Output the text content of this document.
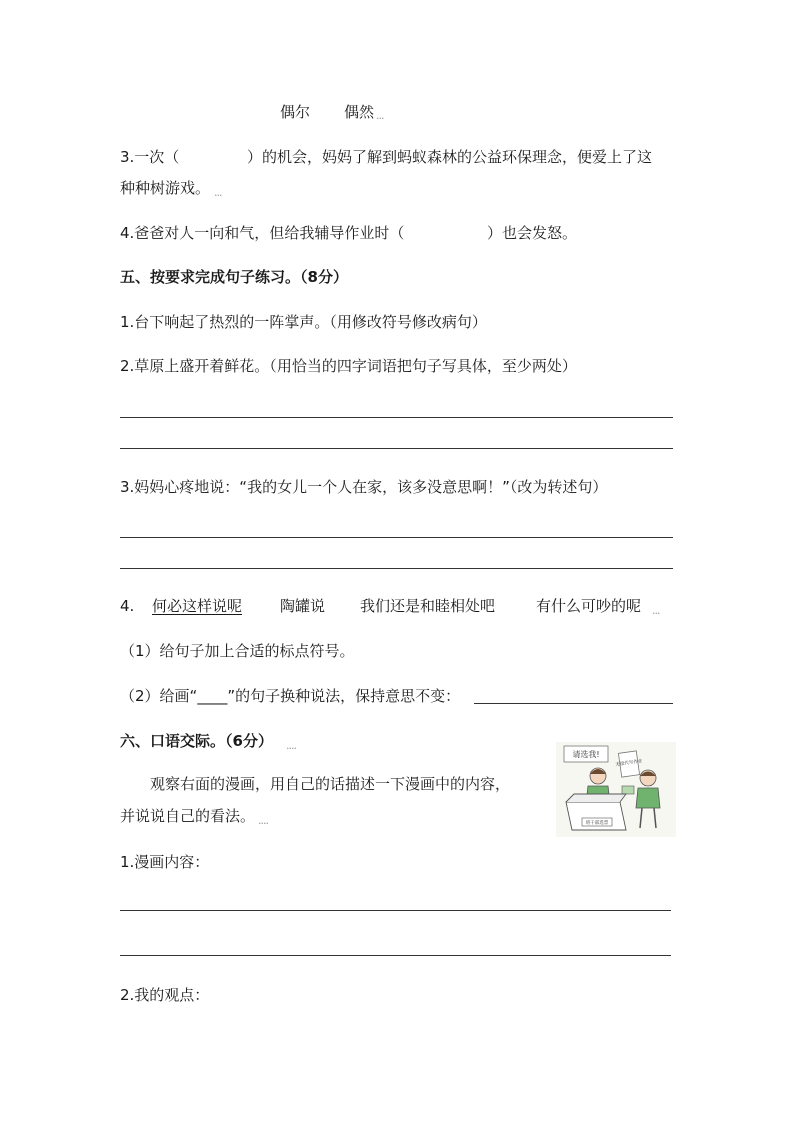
偶尔 偶然 ...
3.一次（	）的机会，妈妈了解到蚂蚁森林的公益环保理念，便爱上了这
种种树游戏。 ...
4.爸爸对人一向和气，但给我辅导作业时（	）也会发怒。
五、按要求完成句子练习。（8分）
1.台下响起了热烈的一阵掌声。（用修改符号修改病句）
2.草原上盛开着鲜花。（用恰当的四字词语把句子写具体，至少两处）
3.妈妈心疼地说：“我的女儿一个人在家，该多没意思啊！”（改为转述句）
4. 何必这样说呢	陶罐说 我们还是和睦相处吧	有什么可吵的呢 ...
（1）给句子加上合适的标点符号。
（2）给画“____”的句子换种说法，保持意思不变：
六、口语交际。（6分） ....
观察右面的漫画，用自己的话描述一下漫画中的内容，
并说说自己的看法。 ....
请选我!
无偿代写作业
班干部选票
1.漫画内容：
2.我的观点：
